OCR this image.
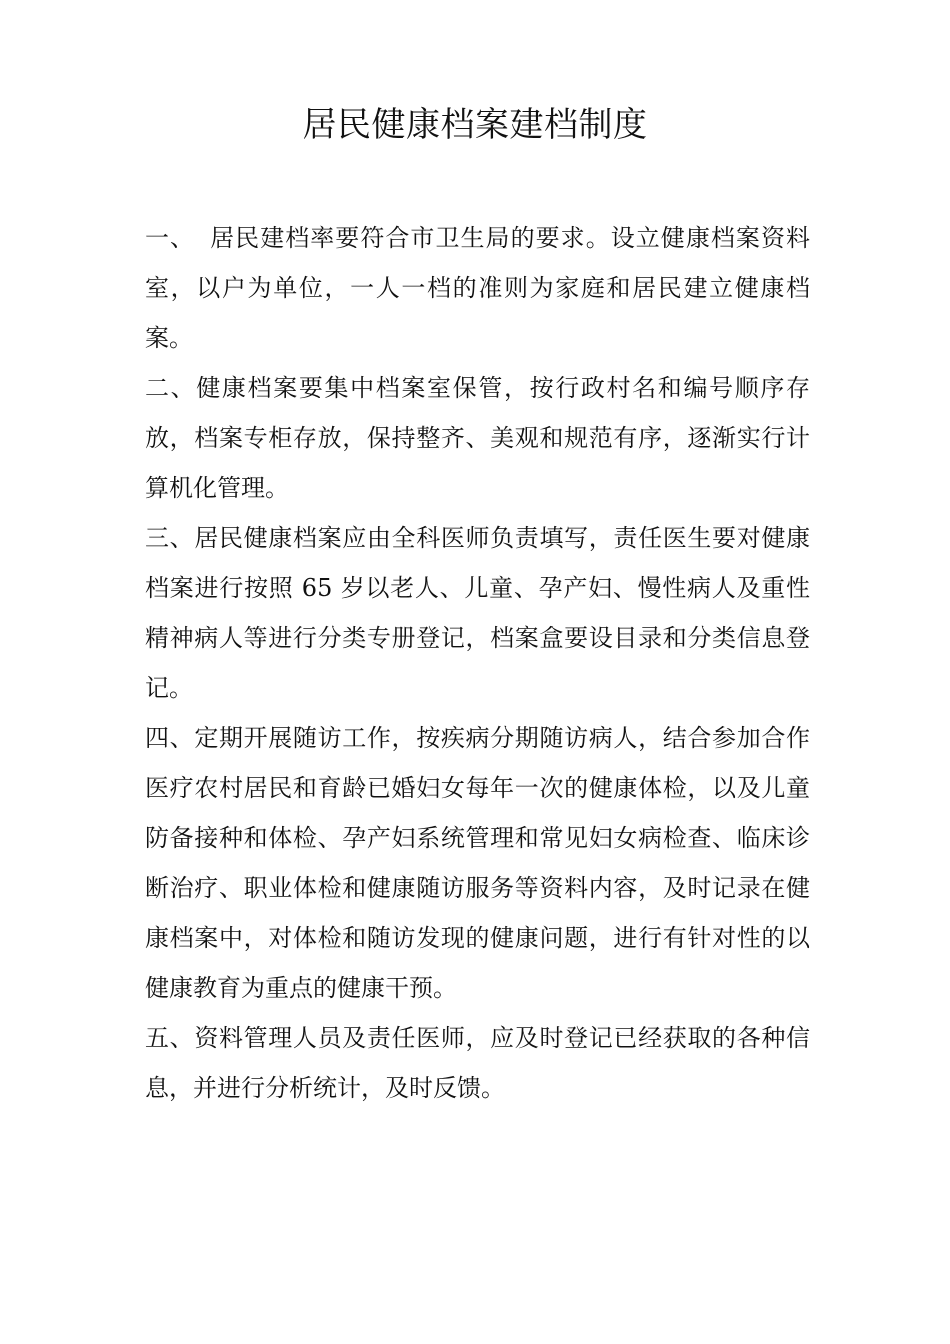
居民健康档案建档制度

一、 居民建档率要符合市卫生局的要求。设立健康档案资料室，以户为单位，一人一档的准则为家庭和居民建立健康档案。

二、健康档案要集中档案室保管，按行政村名和编号顺序存放，档案专柜存放，保持整齐、美观和规范有序，逐渐实行计算机化管理。

三、居民健康档案应由全科医师负责填写，责任医生要对健康档案进行按照 65 岁以老人、儿童、孕产妇、慢性病人及重性精神病人等进行分类专册登记，档案盒要设目录和分类信息登记。

四、定期开展随访工作，按疾病分期随访病人，结合参加合作医疗农村居民和育龄已婚妇女每年一次的健康体检，以及儿童防备接种和体检、孕产妇系统管理和常见妇女病检查、临床诊断治疗、职业体检和健康随访服务等资料内容，及时记录在健康档案中，对体检和随访发现的健康问题，进行有针对性的以健康教育为重点的健康干预。

五、资料管理人员及责任医师，应及时登记已经获取的各种信息，并进行分析统计，及时反馈。
